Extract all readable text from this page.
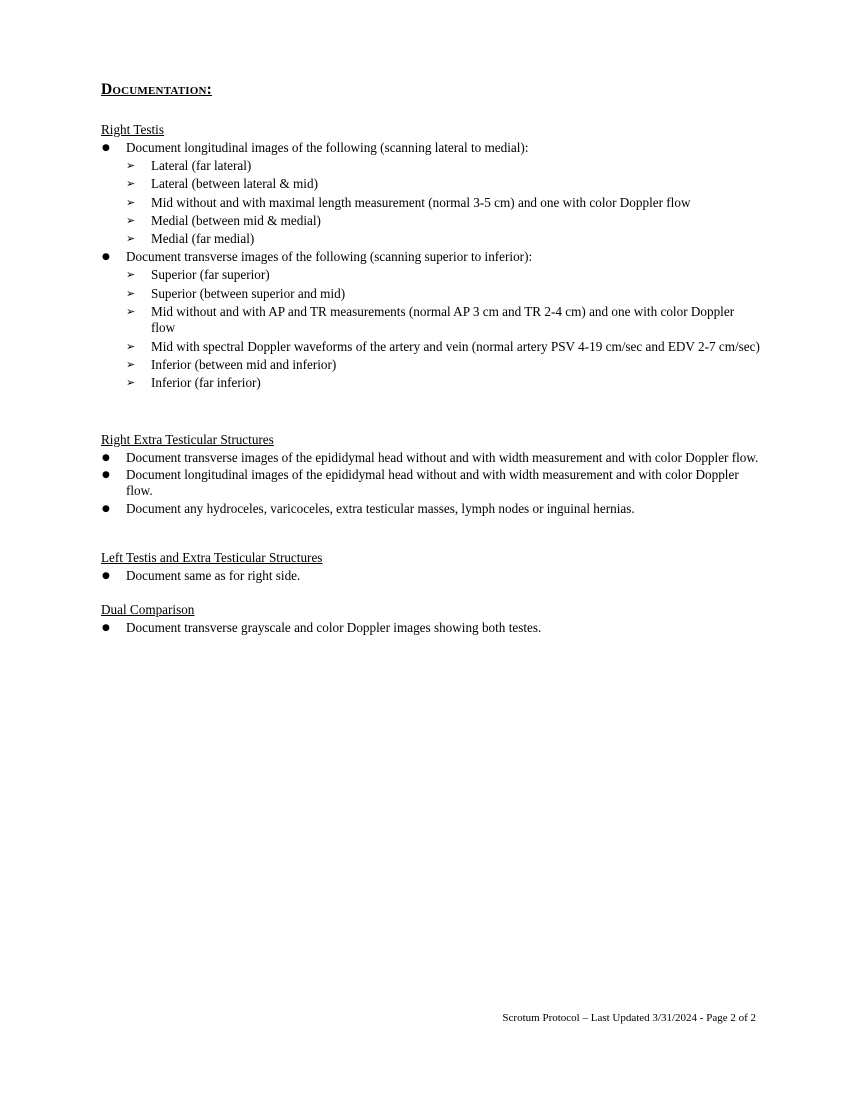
Documentation:
Right Testis
● Document longitudinal images of the following (scanning lateral to medial):
➢ Lateral (far lateral)
➢ Lateral (between lateral & mid)
➢ Mid without and with maximal length measurement (normal 3-5 cm) and one with color Doppler flow
➢ Medial (between mid & medial)
➢ Medial (far medial)
● Document transverse images of the following (scanning superior to inferior):
➢ Superior (far superior)
➢ Superior (between superior and mid)
➢ Mid without and with AP and TR measurements (normal AP 3 cm and TR 2-4 cm) and one with color Doppler flow
➢ Mid with spectral Doppler waveforms of the artery and vein (normal artery PSV 4-19 cm/sec and EDV 2-7 cm/sec)
➢ Inferior (between mid and inferior)
➢ Inferior (far inferior)
Right Extra Testicular Structures
● Document transverse images of the epididymal head without and with width measurement and with color Doppler flow.
● Document longitudinal images of the epididymal head without and with width measurement and with color Doppler flow.
● Document any hydroceles, varicoceles, extra testicular masses, lymph nodes or inguinal hernias.
Left Testis and Extra Testicular Structures
● Document same as for right side.
Dual Comparison
● Document transverse grayscale and color Doppler images showing both testes.
Scrotum Protocol – Last Updated 3/31/2024 - Page 2 of 2
